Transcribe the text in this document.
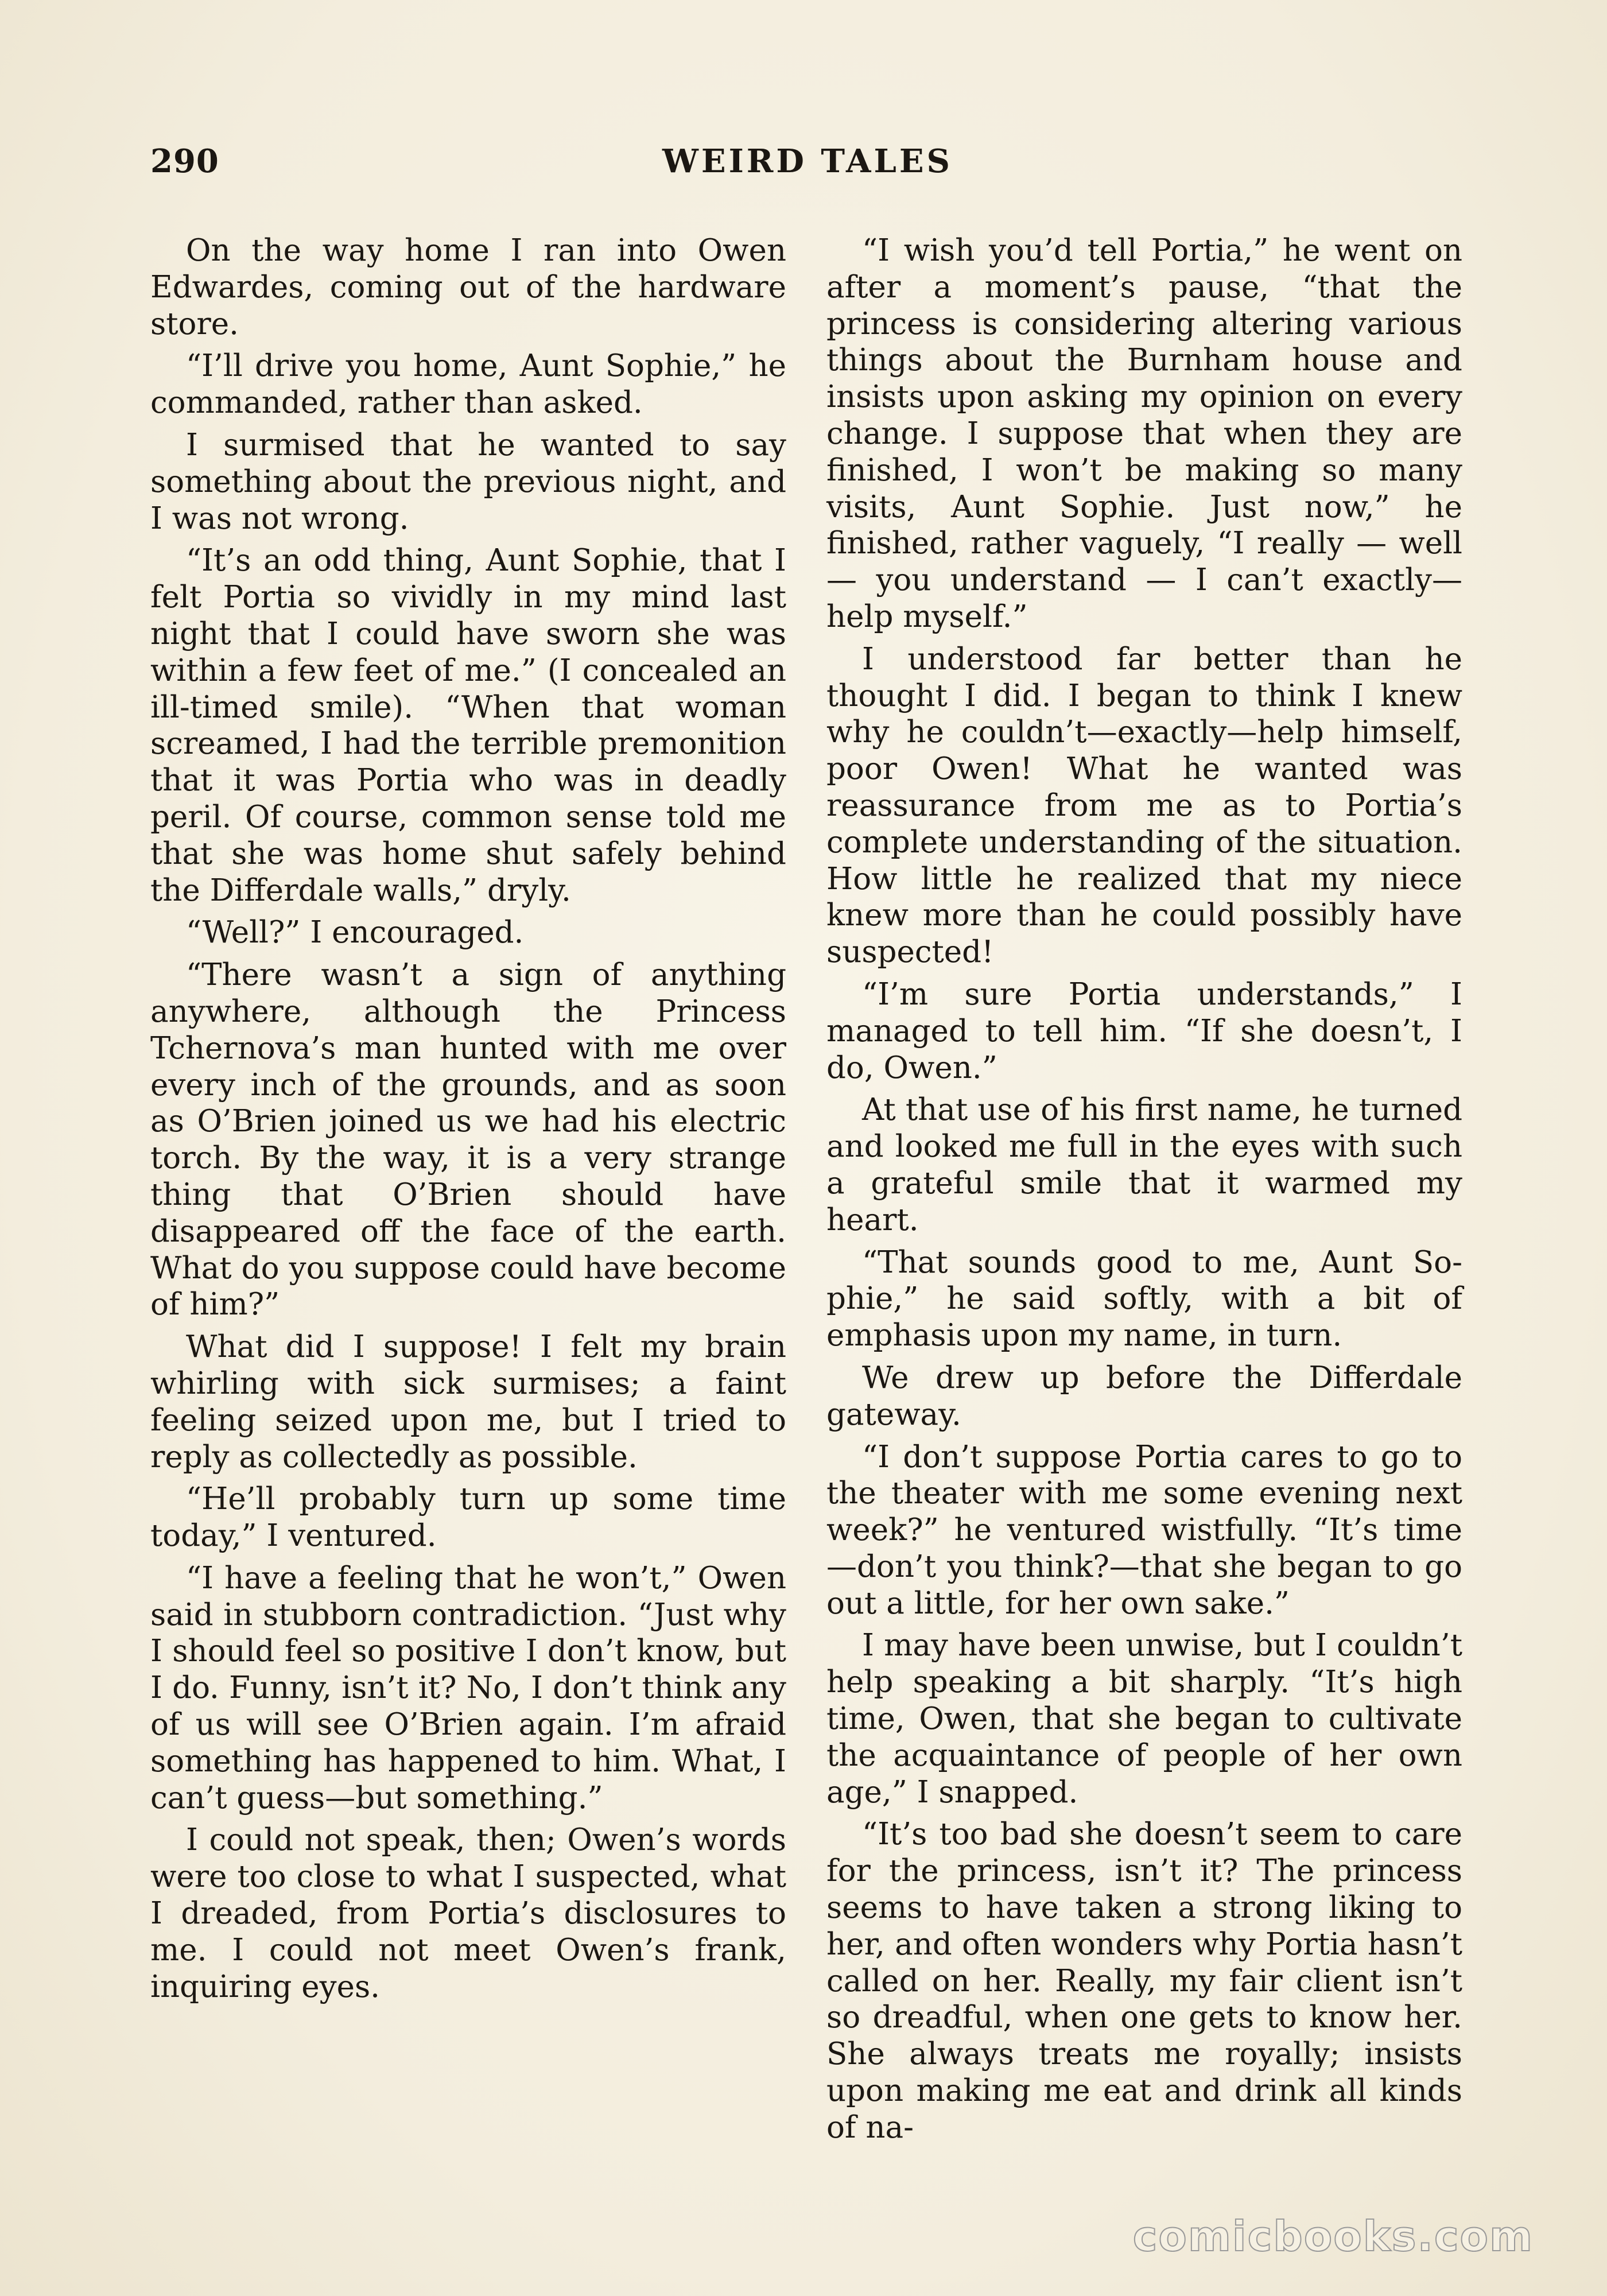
290	WEIRD TALES

On the way home I ran into Owen Edwardes, coming out of the hardware store.

“I’ll drive you home, Aunt Sophie,” he commanded, rather than asked.

I surmised that he wanted to say something about the previous night, and I was not wrong.

“It’s an odd thing, Aunt Sophie, that I felt Portia so vividly in my mind last night that I could have sworn she was within a few feet of me.” (I concealed an ill-timed smile). “When that woman screamed, I had the terrible premonition that it was Portia who was in deadly peril. Of course, common sense told me that she was home shut safely behind the Differdale walls,” dryly.

“Well?” I encouraged.

“There wasn’t a sign of anything anywhere, although the Princess Tchernova’s man hunted with me over every inch of the grounds, and as soon as O’Brien joined us we had his electric torch. By the way, it is a very strange thing that O’Brien should have disappeared off the face of the earth. What do you suppose could have become of him?”

What did I suppose! I felt my brain whirling with sick surmises; a faint feeling seized upon me, but I tried to reply as collectedly as possible.

“He’ll probably turn up some time today,” I ventured.

“I have a feeling that he won’t,” Owen said in stubborn contradiction. “Just why I should feel so positive I don’t know, but I do. Funny, isn’t it? No, I don’t think any of us will see O’Brien again. I’m afraid something has happened to him. What, I can’t guess—but something.”

I could not speak, then; Owen’s words were too close to what I suspected, what I dreaded, from Portia’s disclosures to me. I could not meet Owen’s frank, inquiring eyes.

“I wish you’d tell Portia,” he went on after a moment’s pause, “that the princess is considering altering various things about the Burnham house and insists upon asking my opinion on every change. I suppose that when they are finished, I won’t be making so many visits, Aunt Sophie. Just now,” he finished, rather vaguely, “I really — well — you understand — I can’t exactly—help myself.”

I understood far better than he thought I did. I began to think I knew why he couldn’t—exactly—help himself, poor Owen! What he wanted was reassurance from me as to Portia’s complete understanding of the situation. How little he realized that my niece knew more than he could possibly have suspected!

“I’m sure Portia understands,” I managed to tell him. “If she doesn’t, I do, Owen.”

At that use of his first name, he turned and looked me full in the eyes with such a grateful smile that it warmed my heart.

“That sounds good to me, Aunt Sophie,” he said softly, with a bit of emphasis upon my name, in turn.

We drew up before the Differdale gateway.

“I don’t suppose Portia cares to go to the theater with me some evening next week?” he ventured wistfully. “It’s time—don’t you think?—that she began to go out a little, for her own sake.”

I may have been unwise, but I couldn’t help speaking a bit sharply. “It’s high time, Owen, that she began to cultivate the acquaintance of people of her own age,” I snapped.

“It’s too bad she doesn’t seem to care for the princess, isn’t it? The princess seems to have taken a strong liking to her, and often wonders why Portia hasn’t called on her. Really, my fair client isn’t so dreadful, when one gets to know her. She always treats me royally; insists upon making me eat and drink all kinds of na-

comicbooks.com
